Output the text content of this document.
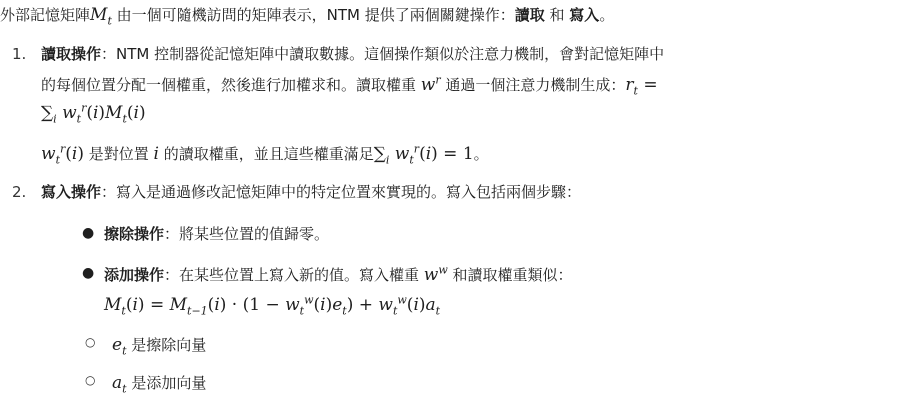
外部記憶矩陣$M_t$ 由一個可隨機訪問的矩陣表示，NTM 提供了兩個關鍵操作：讀取 和 寫入。
1. 讀取操作：NTM 控制器從記憶矩陣中讀取數據。這個操作類似於注意力機制，會對記憶矩陣中
的每個位置分配一個權重，然後進行加權求和。讀取權重 $w^r$ 通過一個注意力機制生成：$r_t$ =
$\sum_i$ $w_t^r(i)M_t(i)$
$w_t^r(i)$ 是對位置 i 的讀取權重，並且這些權重滿足$\sum_i$ $w_t^r(i) = 1$。
2. 寫入操作：寫入是通過修改記憶矩陣中的特定位置來實現的。寫入包括兩個步驟：
● 擦除操作：將某些位置的值歸零。
● 添加操作：在某些位置上寫入新的值。寫入權重 $w^w$ 和讀取權重類似：
$M_t(i) = M_{t-1}(i) \cdot (1 - w_t^w(i)e_t) + w_t^w(i)a_t$
○ $e_t$ 是擦除向量
○ $a_t$ 是添加向量
